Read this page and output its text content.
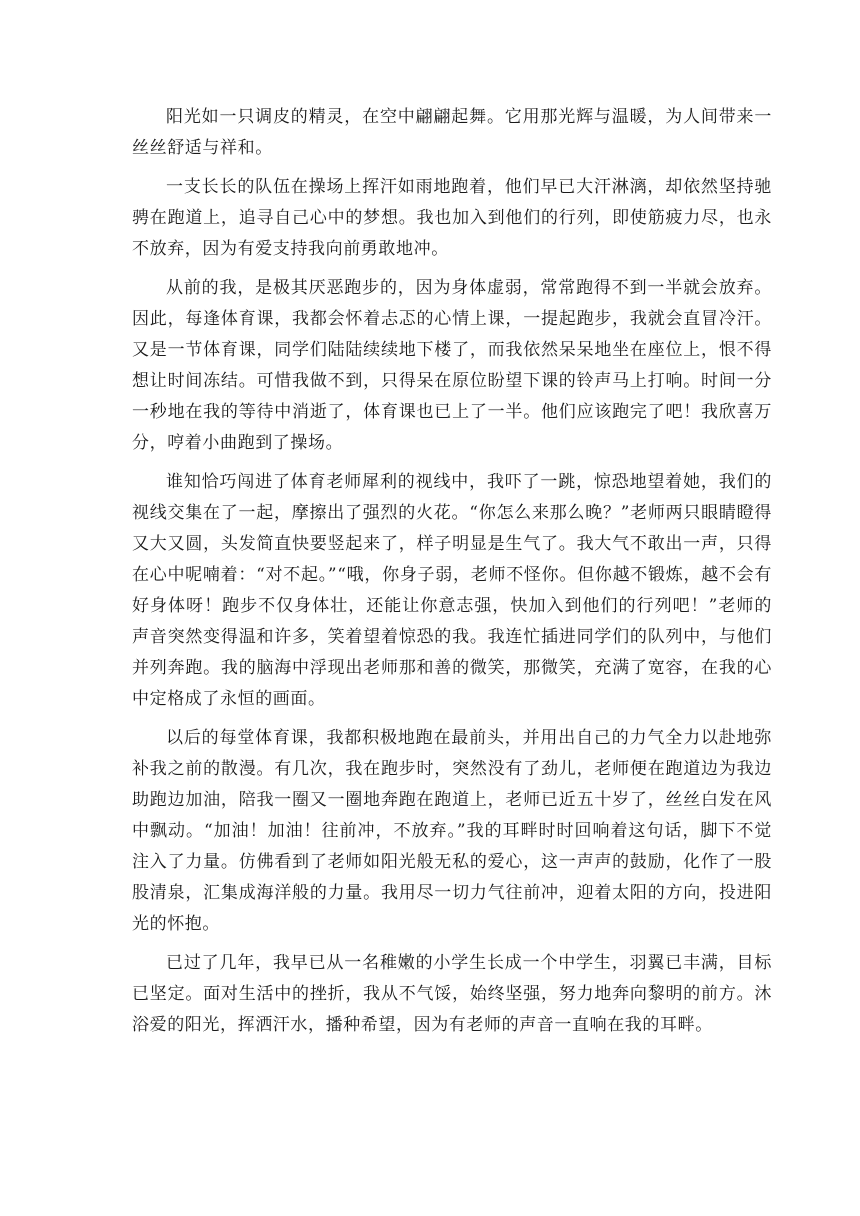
阳光如一只调皮的精灵，在空中翩翩起舞。它用那光辉与温暖，为人间带来一丝丝舒适与祥和。

一支长长的队伍在操场上挥汗如雨地跑着，他们早已大汗淋漓，却依然坚持驰骋在跑道上，追寻自己心中的梦想。我也加入到他们的行列，即使筋疲力尽，也永不放弃，因为有爱支持我向前勇敢地冲。

从前的我，是极其厌恶跑步的，因为身体虚弱，常常跑得不到一半就会放弃。因此，每逢体育课，我都会怀着忐忑的心情上课，一提起跑步，我就会直冒冷汗。又是一节体育课，同学们陆陆续续地下楼了，而我依然呆呆地坐在座位上，恨不得想让时间冻结。可惜我做不到，只得呆在原位盼望下课的铃声马上打响。时间一分一秒地在我的等待中消逝了，体育课也已上了一半。他们应该跑完了吧！我欣喜万分，哼着小曲跑到了操场。

谁知恰巧闯进了体育老师犀利的视线中，我吓了一跳，惊恐地望着她，我们的视线交集在了一起，摩擦出了强烈的火花。“你怎么来那么晚？”老师两只眼睛瞪得又大又圆，头发简直快要竖起来了，样子明显是生气了。我大气不敢出一声，只得在心中呢喃着：“对不起。”“哦，你身子弱，老师不怪你。但你越不锻炼，越不会有好身体呀！跑步不仅身体壮，还能让你意志强，快加入到他们的行列吧！”老师的声音突然变得温和许多，笑着望着惊恐的我。我连忙插进同学们的队列中，与他们并列奔跑。我的脑海中浮现出老师那和善的微笑，那微笑，充满了宽容，在我的心中定格成了永恒的画面。

以后的每堂体育课，我都积极地跑在最前头，并用出自己的力气全力以赴地弥补我之前的散漫。有几次，我在跑步时，突然没有了劲儿，老师便在跑道边为我边助跑边加油，陪我一圈又一圈地奔跑在跑道上，老师已近五十岁了，丝丝白发在风中飘动。“加油！加油！往前冲，不放弃。”我的耳畔时时回响着这句话，脚下不觉注入了力量。仿佛看到了老师如阳光般无私的爱心，这一声声的鼓励，化作了一股股清泉，汇集成海洋般的力量。我用尽一切力气往前冲，迎着太阳的方向，投进阳光的怀抱。

已过了几年，我早已从一名稚嫩的小学生长成一个中学生，羽翼已丰满，目标已坚定。面对生活中的挫折，我从不气馁，始终坚强，努力地奔向黎明的前方。沐浴爱的阳光，挥洒汗水，播种希望，因为有老师的声音一直响在我的耳畔。
